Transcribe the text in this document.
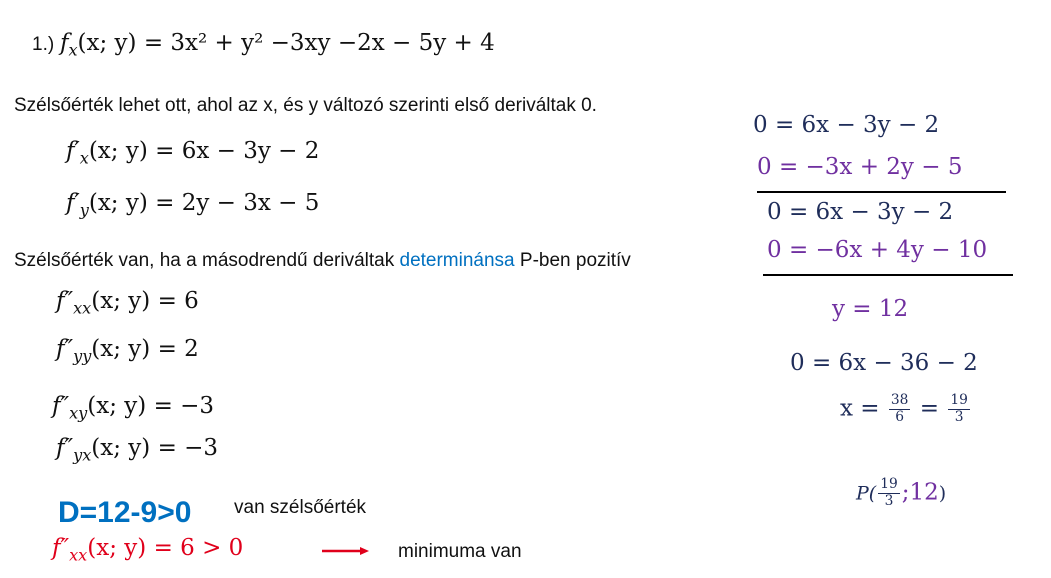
1.) $f_x(x$; y) = 3x² + y² −3xy −2x − 5y + 4
Szélsőérték lehet ott, ahol az x, és y változó szerinti első deriváltak 0.
$f'_x(x$; y) = 6x − 3y − 2
$f'_y(x$; y) = 2y − 3x − 5
Szélsőérték van, ha a másodrendű deriváltak determinánsa P-ben pozitív
$f''_{xx}(x$; y) = 6
$f''_{yy}(x$; y) = 2
$f''_{xy}(x$; y) = −3
$f''_{yx}(x$; y) = −3
D=12-9>0 van szélsőérték
$f''_{xx}(x$; y) = 6 > 0	minimuma van
0 = 6x − 3y − 2
0 = −3x + 2y − 5
0 = 6x − 3y − 2
0 = −6x + 4y − 10
y = 12
0 = 6x − 36 − 2
$x = \frac{38}{6} = \frac{19}{3}$
$P( \frac{19}{3}$ ;12)
